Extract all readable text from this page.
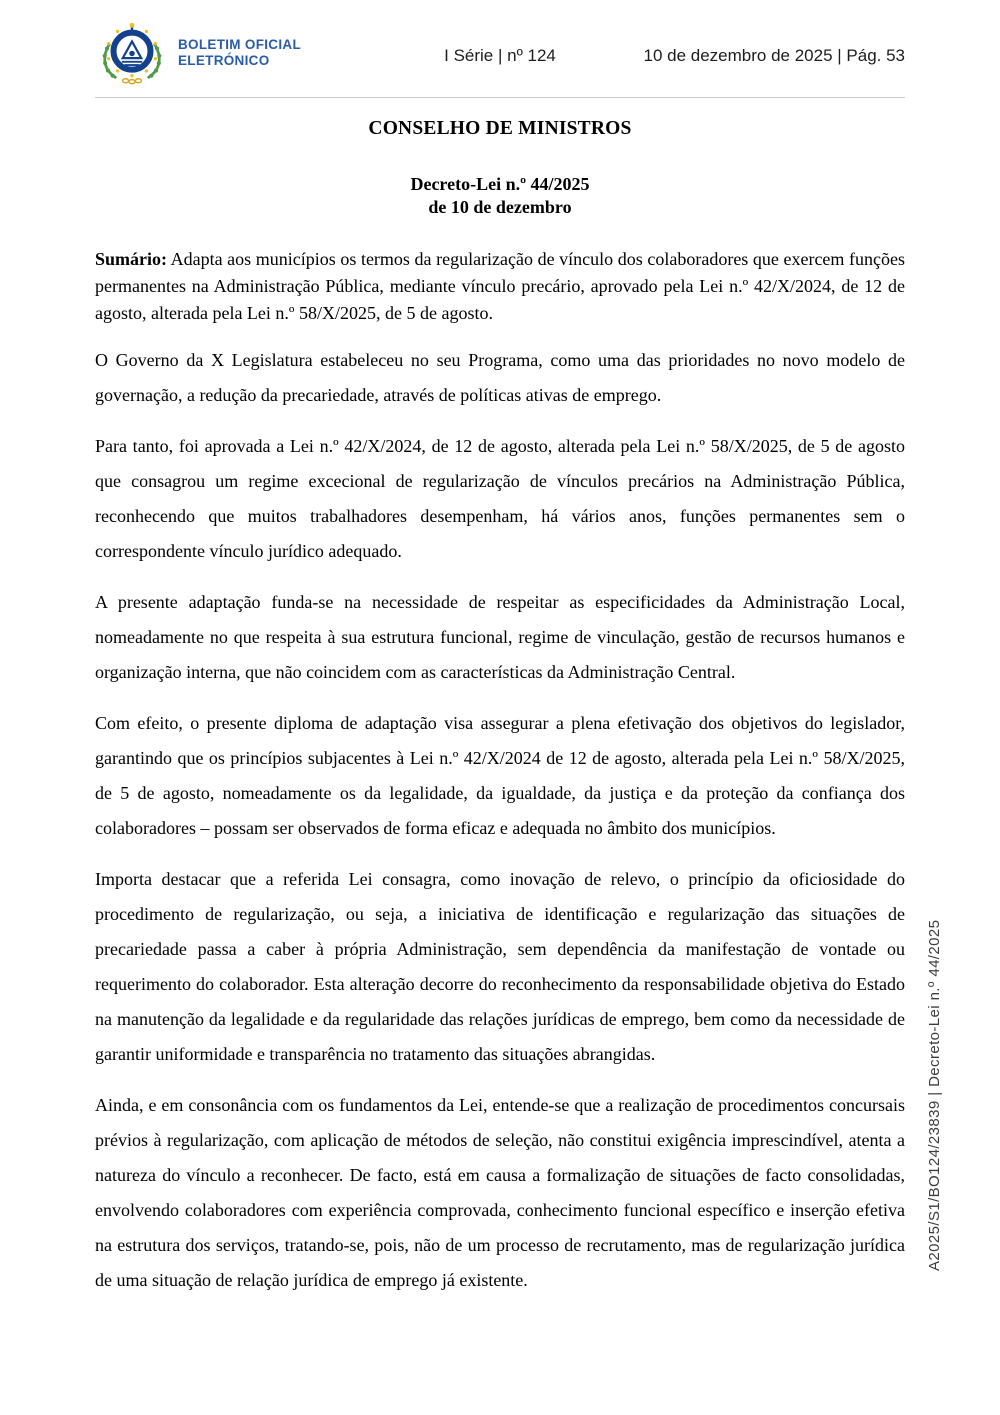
BOLETIM OFICIAL
ELETRÓNICO	I Série | nº 124	10 de dezembro de 2025 | Pág. 53
CONSELHO DE MINISTROS
Decreto-Lei n.º 44/2025
de 10 de dezembro

Sumário: Adapta aos municípios os termos da regularização de vínculo dos colaboradores que exercem funções permanentes na Administração Pública, mediante vínculo precário, aprovado pela Lei n.º 42/X/2024, de 12 de agosto, alterada pela Lei n.º 58/X/2025, de 5 de agosto.

O Governo da X Legislatura estabeleceu no seu Programa, como uma das prioridades no novo modelo de governação, a redução da precariedade, através de políticas ativas de emprego.

Para tanto, foi aprovada a Lei n.º 42/X/2024, de 12 de agosto, alterada pela Lei n.º 58/X/2025, de 5 de agosto que consagrou um regime excecional de regularização de vínculos precários na Administração Pública, reconhecendo que muitos trabalhadores desempenham, há vários anos, funções permanentes sem o correspondente vínculo jurídico adequado.

A presente adaptação funda-se na necessidade de respeitar as especificidades da Administração Local, nomeadamente no que respeita à sua estrutura funcional, regime de vinculação, gestão de recursos humanos e organização interna, que não coincidem com as características da Administração Central.

Com efeito, o presente diploma de adaptação visa assegurar a plena efetivação dos objetivos do legislador, garantindo que os princípios subjacentes à Lei n.º 42/X/2024 de 12 de agosto, alterada pela Lei n.º 58/X/2025, de 5 de agosto, nomeadamente os da legalidade, da igualdade, da justiça e da proteção da confiança dos colaboradores – possam ser observados de forma eficaz e adequada no âmbito dos municípios.

Importa destacar que a referida Lei consagra, como inovação de relevo, o princípio da oficiosidade do procedimento de regularização, ou seja, a iniciativa de identificação e regularização das situações de precariedade passa a caber à própria Administração, sem dependência da manifestação de vontade ou requerimento do colaborador. Esta alteração decorre do reconhecimento da responsabilidade objetiva do Estado na manutenção da legalidade e da regularidade das relações jurídicas de emprego, bem como da necessidade de garantir uniformidade e transparência no tratamento das situações abrangidas.

Ainda, e em consonância com os fundamentos da Lei, entende-se que a realização de procedimentos concursais prévios à regularização, com aplicação de métodos de seleção, não constitui exigência imprescindível, atenta a natureza do vínculo a reconhecer. De facto, está em causa a formalização de situações de facto consolidadas, envolvendo colaboradores com experiência comprovada, conhecimento funcional específico e inserção efetiva na estrutura dos serviços, tratando-se, pois, não de um processo de recrutamento, mas de regularização jurídica de uma situação de relação jurídica de emprego já existente.

A2025/S1/BO124/23839 | Decreto-Lei n.º 44/2025
